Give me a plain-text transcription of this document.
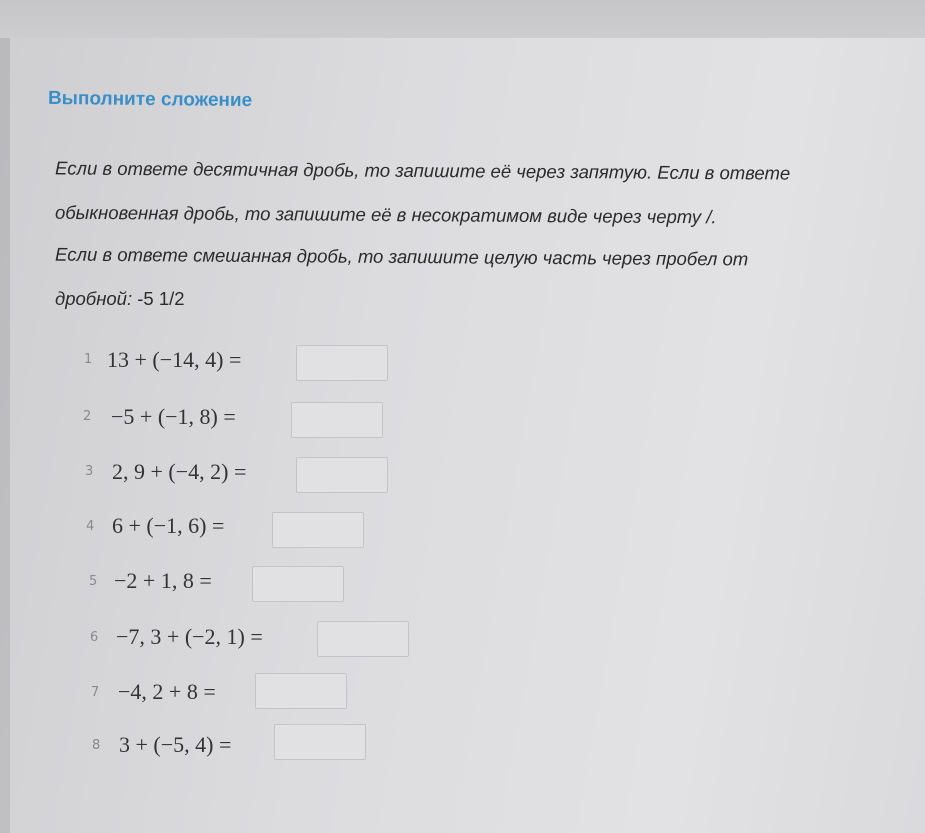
Выполните сложение
Если в ответе десятичная дробь, то запишите её через запятую. Если в ответе
обыкновенная дробь, то запишите её в несократимом виде через черту /.
Если в ответе смешанная дробь, то запишите целую часть через пробел от
дробной: -5 1/2
1 13 + (−14, 4) =
2 −5 + (−1, 8) =
3 2, 9 + (−4, 2) =
4 6 + (−1, 6) =
5 −2 + 1, 8 =
6 −7, 3 + (−2, 1) =
7 −4, 2 + 8 =
8 3 + (−5, 4) =
